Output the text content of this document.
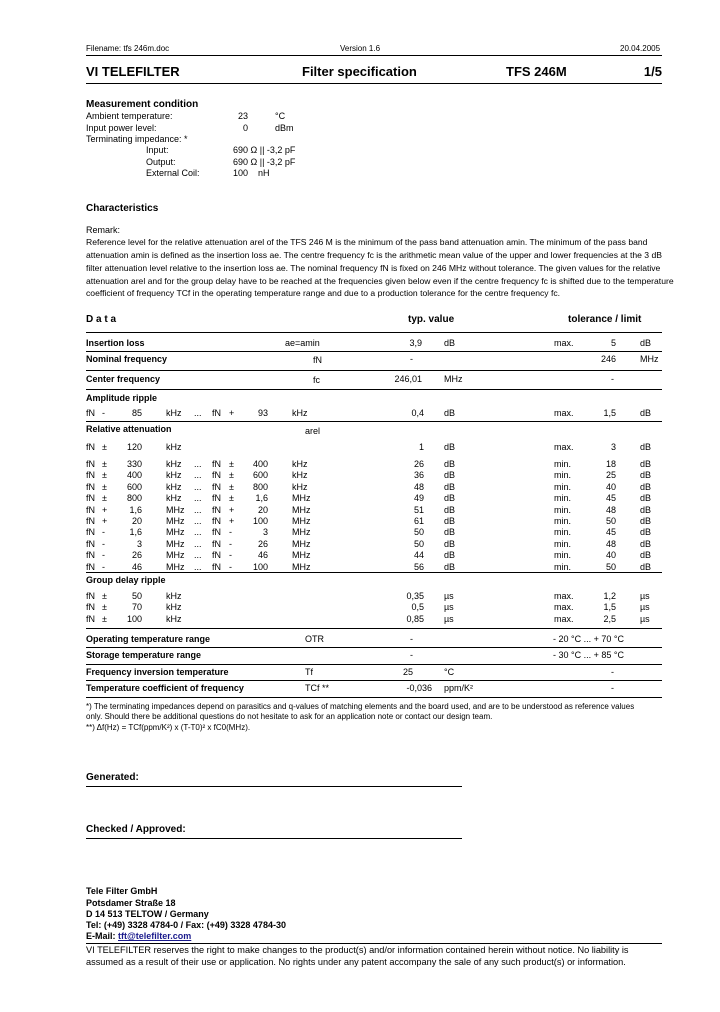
Filename: tfs 246m.doc	Version 1.6	20.04.2005
VI TELEFILTER	Filter specification	TFS 246M	1/5
Measurement condition
Ambient temperature:	23	°C
Input power level:	0	dBm
Terminating impedance: *
Input:	690 Ω || -3,2 pF
Output:	690 Ω || -3,2 pF
External Coil:	100 nH
Characteristics
Remark:
Reference level for the relative attenuation arel of the TFS 246 M is the minimum of the pass band attenuation amin. The minimum of the pass band
attenuation amin is defined as the insertion loss ae. The centre frequency fc is the arithmetic mean value of the upper and lower frequencies at the 3 dB
filter attenuation level relative to the insertion loss ae. The nominal frequency fN is fixed on 246 MHz without tolerance. The given values for the relative
attenuation arel and for the group delay have to be reached at the frequencies given below even if the centre frequency fc is shifted due to the temperature
coefficient of frequency TCf in the operating temperature range and due to a production tolerance for the centre frequency fc.
D a t a	typ. value	tolerance / limit
Insertion loss	ae=amin	3,9 dB	max.	5	dB
Nominal frequency	fN	-	246	MHz
Center frequency	fc	246,01 MHz	-
Amplitude ripple
fN -	85	kHz ... fN +	93	kHz	0,4 dB	max.	1,5	dB
Relative attenuation	arel
fN ±	120	kHz	1 dB	max.	3	dB
fN ±	330	kHz ... fN ±	400	kHz	26 dB	min.	18	dB
fN ±	400	kHz ... fN ±	600	kHz	36 dB	min.	25	dB
fN ±	600	kHz ... fN ±	800	kHz	48 dB	min.	40	dB
fN ±	800	kHz ... fN ±	1,6	MHz	49 dB	min.	45	dB
fN +	1,6	MHz ... fN +	20	MHz	51 dB	min.	48	dB
fN +	20	MHz ... fN +	100	MHz	61 dB	min.	50	dB
fN -	1,6	MHz ... fN -	3	MHz	50 dB	min.	45	dB
fN -	3	MHz ... fN -	26	MHz	50 dB	min.	48	dB
fN -	26	MHz ... fN -	46	MHz	44 dB	min.	40	dB
fN -	46	MHz ... fN -	100	MHz	56 dB	min.	50	dB
Group delay ripple
fN ±	50	kHz	0,35 µs	max.	1,2	µs
fN ±	70	kHz	0,5 µs	max.	1,5	µs
fN ±	100	kHz	0,85 µs	max.	2,5	µs
Operating temperature range	OTR	-	- 20 °C ... + 70 °C
Storage temperature range	-	- 30 °C ... + 85 °C
Frequency inversion temperature	Tf	25	°C	-
Temperature coefficient of frequency	TCf **	-0,036 ppm/K²	-
*) The terminating impedances depend on parasitics and q-values of matching elements and the board used, and are to be understood as reference values
only. Should there be additional questions do not hesitate to ask for an application note or contact our design team.
**) Δf(Hz) = TCf(ppm/K²) x (T-T0)² x fC0(MHz).
Generated:
Checked / Approved:
Tele Filter GmbH
Potsdamer Straße 18
D 14 513 TELTOW / Germany
Tel: (+49) 3328 4784-0 / Fax: (+49) 3328 4784-30
E-Mail: tft@telefilter.com
VI TELEFILTER reserves the right to make changes to the product(s) and/or information contained herein without notice. No liability is
assumed as a result of their use or application. No rights under any patent accompany the sale of any such product(s) or information.
